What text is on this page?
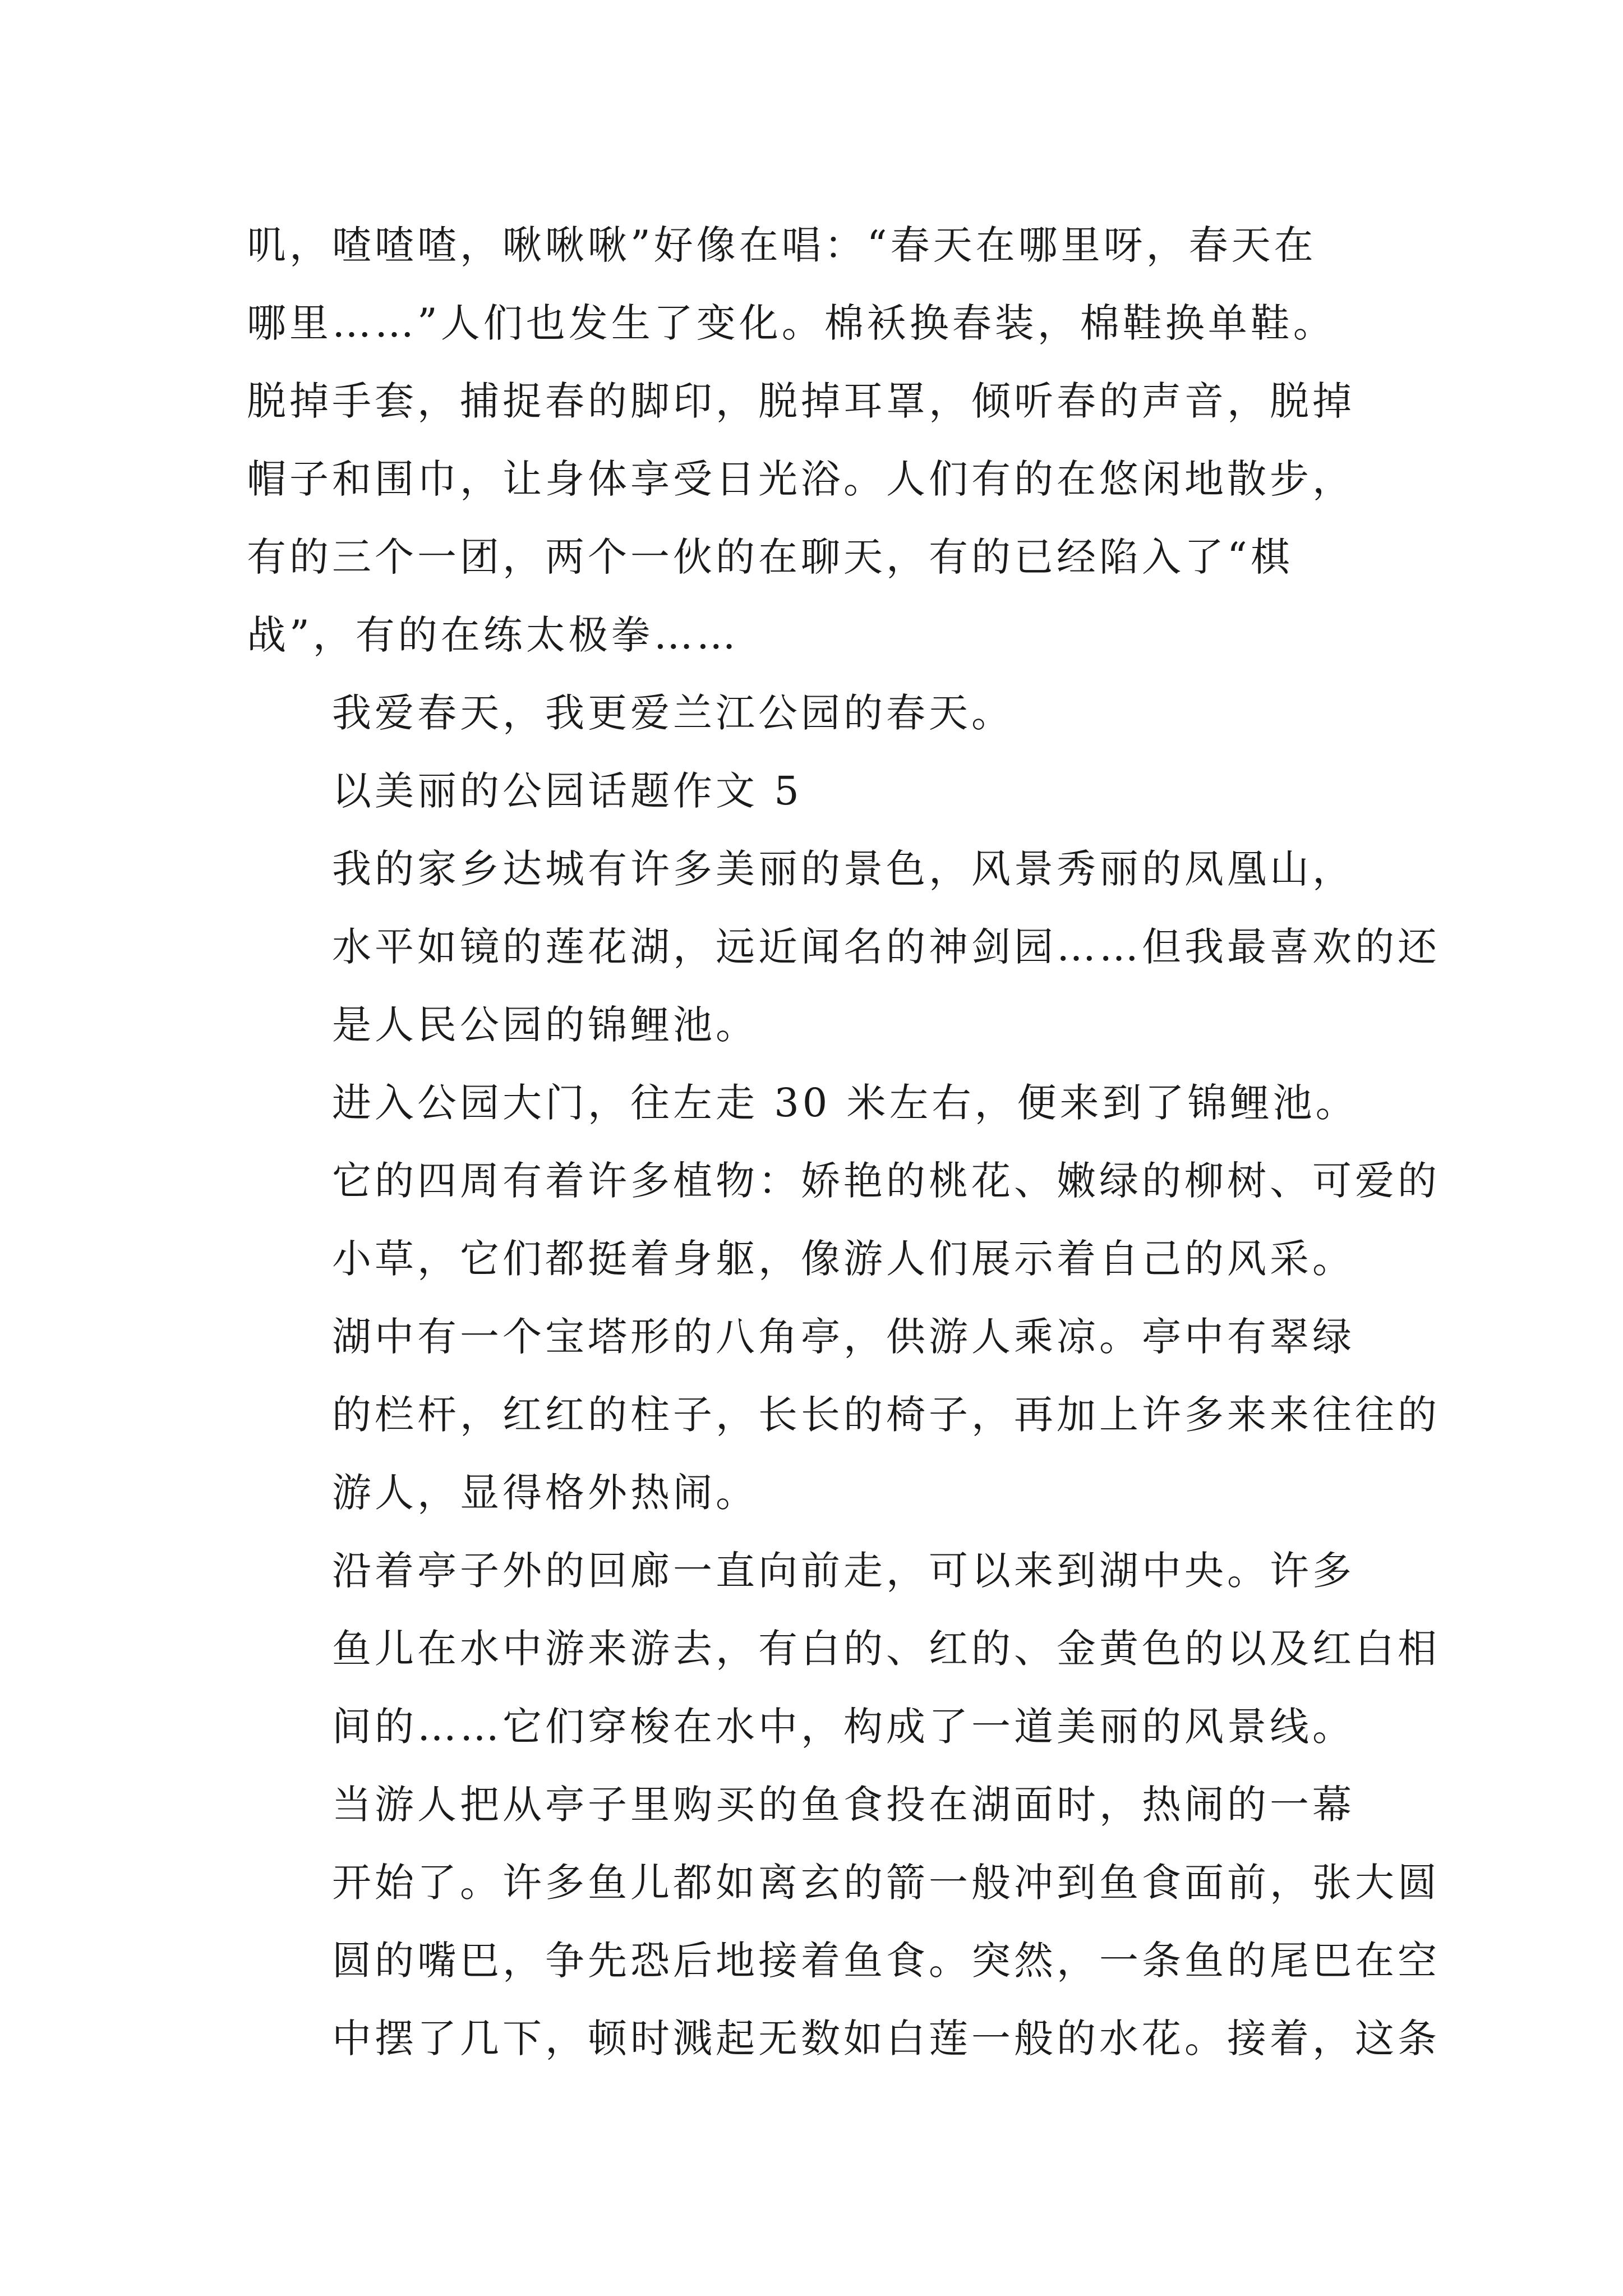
叽，喳喳喳，啾啾啾”好像在唱：“春天在哪里呀，春天在
哪里……”人们也发生了变化。棉袄换春装，棉鞋换单鞋。
脱掉手套，捕捉春的脚印，脱掉耳罩，倾听春的声音，脱掉
帽子和围巾，让身体享受日光浴。人们有的在悠闲地散步，
有的三个一团，两个一伙的在聊天，有的已经陷入了“棋
战”，有的在练太极拳……

我爱春天，我更爱兰江公园的春天。

以美丽的公园话题作文 5

我的家乡达城有许多美丽的景色，风景秀丽的凤凰山，
水平如镜的莲花湖，远近闻名的神剑园……但我最喜欢的还
是人民公园的锦鲤池。

进入公园大门，往左走 30 米左右，便来到了锦鲤池。
它的四周有着许多植物：娇艳的桃花、嫩绿的柳树、可爱的
小草，它们都挺着身躯，像游人们展示着自己的风采。

湖中有一个宝塔形的八角亭，供游人乘凉。亭中有翠绿
的栏杆，红红的柱子，长长的椅子，再加上许多来来往往的
游人，显得格外热闹。

沿着亭子外的回廊一直向前走，可以来到湖中央。许多
鱼儿在水中游来游去，有白的、红的、金黄色的以及红白相
间的……它们穿梭在水中，构成了一道美丽的风景线。

当游人把从亭子里购买的鱼食投在湖面时，热闹的一幕
开始了。许多鱼儿都如离玄的箭一般冲到鱼食面前，张大圆
圆的嘴巴，争先恐后地接着鱼食。突然，一条鱼的尾巴在空
中摆了几下，顿时溅起无数如白莲一般的水花。接着，这条
